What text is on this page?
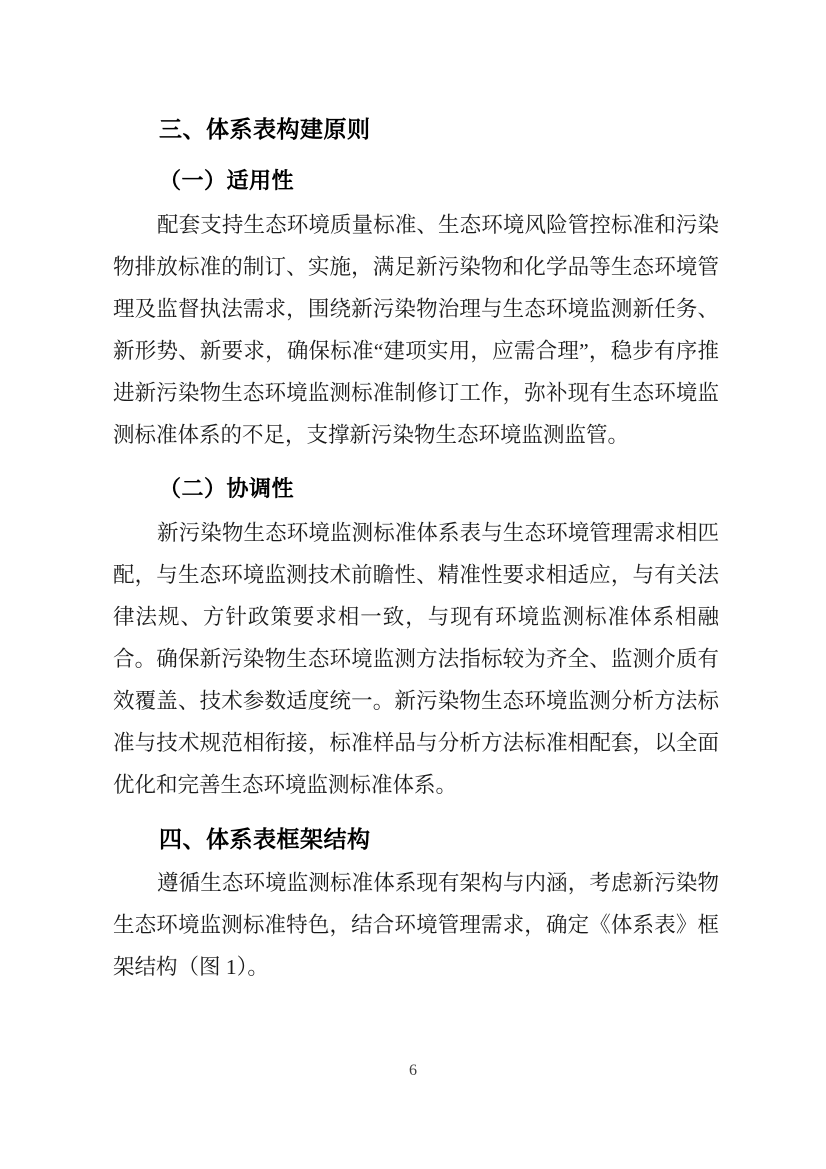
三、体系表构建原则
（一）适用性

配套支持生态环境质量标准、生态环境风险管控标准和污染物排放标准的制订、实施，满足新污染物和化学品等生态环境管理及监督执法需求，围绕新污染物治理与生态环境监测新任务、新形势、新要求，确保标准“建项实用，应需合理”，稳步有序推进新污染物生态环境监测标准制修订工作，弥补现有生态环境监测标准体系的不足，支撑新污染物生态环境监测监管。

（二）协调性

新污染物生态环境监测标准体系表与生态环境管理需求相匹配，与生态环境监测技术前瞻性、精准性要求相适应，与有关法律法规、方针政策要求相一致，与现有环境监测标准体系相融合。确保新污染物生态环境监测方法指标较为齐全、监测介质有效覆盖、技术参数适度统一。新污染物生态环境监测分析方法标准与技术规范相衔接，标准样品与分析方法标准相配套，以全面优化和完善生态环境监测标准体系。

四、体系表框架结构

遵循生态环境监测标准体系现有架构与内涵，考虑新污染物生态环境监测标准特色，结合环境管理需求，确定《体系表》框架结构（图 1）。

6
